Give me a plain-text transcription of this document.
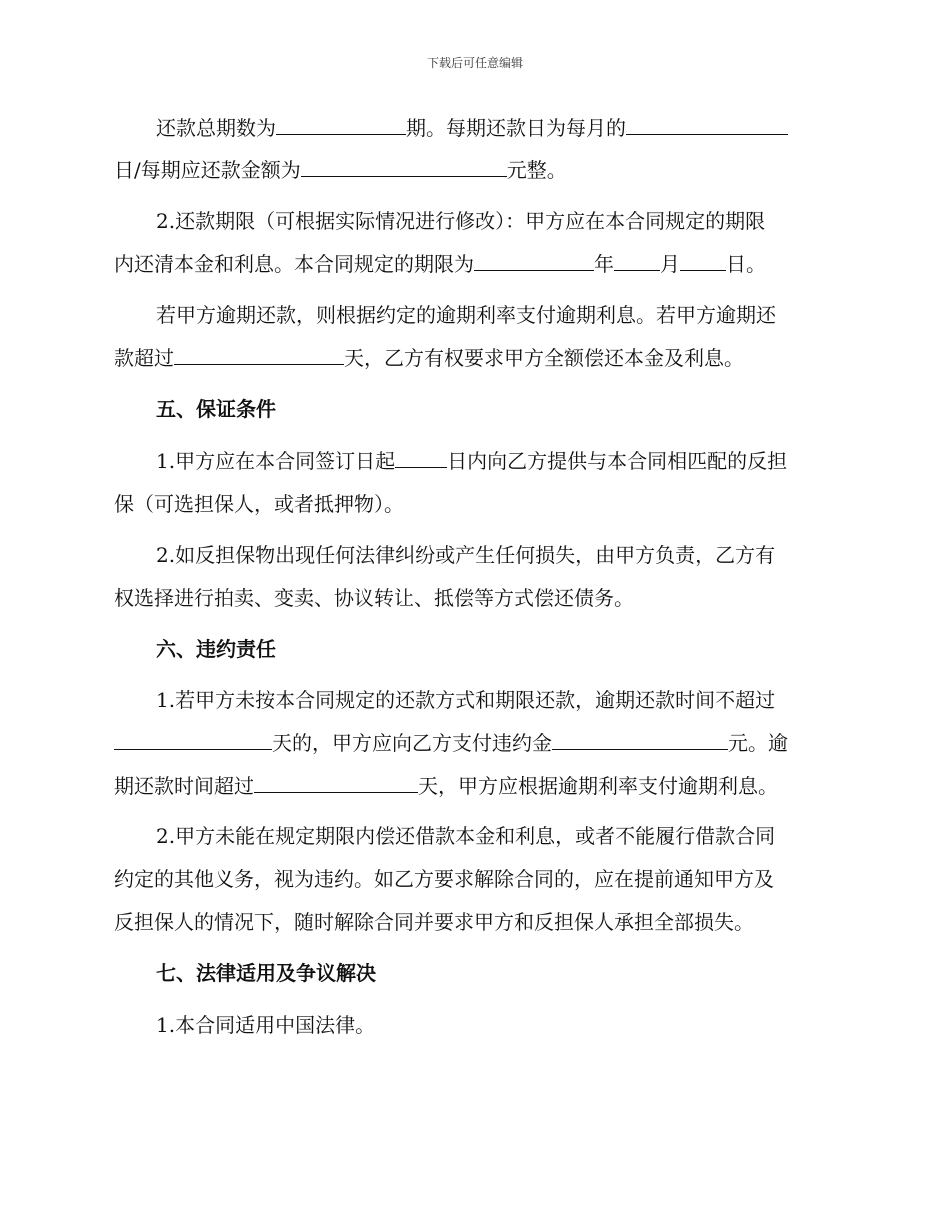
下载后可任意编辑
还款总期数为	期。每期还款日为每月的
日/每期应还款金额为	元整。
2.还款期限（可根据实际情况进行修改）：甲方应在本合同规定的期限
内还清本金和利息。本合同规定的期限为	年 月 日。
若甲方逾期还款，则根据约定的逾期利率支付逾期利息。若甲方逾期还
款超过	天，乙方有权要求甲方全额偿还本金及利息。
五、保证条件
1.甲方应在本合同签订日起	日内向乙方提供与本合同相匹配的反担
保（可选担保人，或者抵押物）。
2.如反担保物出现任何法律纠纷或产生任何损失，由甲方负责，乙方有
权选择进行拍卖、变卖、协议转让、抵偿等方式偿还债务。
六、违约责任
1.若甲方未按本合同规定的还款方式和期限还款，逾期还款时间不超过
天的，甲方应向乙方支付违约金	元。逾
期还款时间超过	天，甲方应根据逾期利率支付逾期利息。
2.甲方未能在规定期限内偿还借款本金和利息，或者不能履行借款合同
约定的其他义务，视为违约。如乙方要求解除合同的，应在提前通知甲方及
反担保人的情况下，随时解除合同并要求甲方和反担保人承担全部损失。
七、法律适用及争议解决
1.本合同适用中国法律。
